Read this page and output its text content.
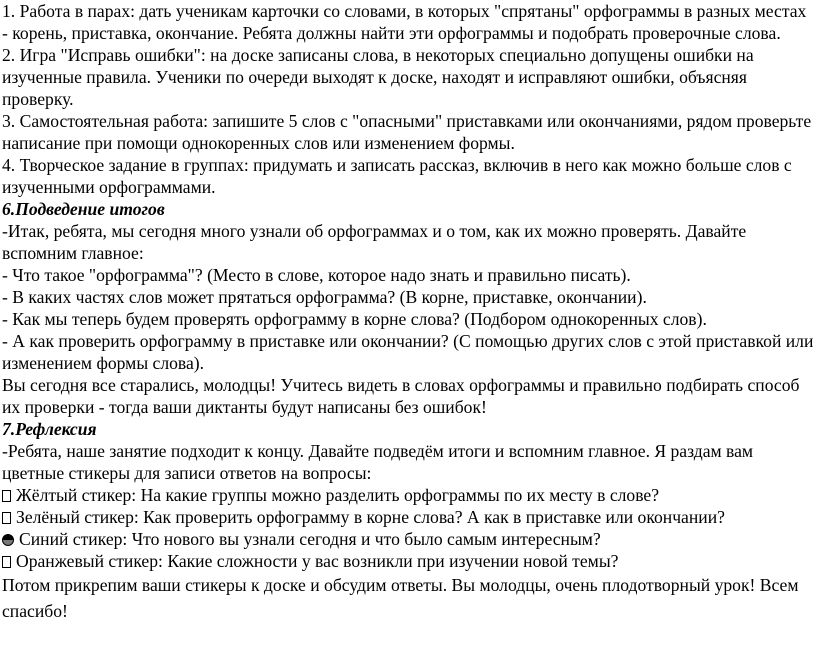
1. Работа в парах: дать ученикам карточки со словами, в которых "спрятаны" орфограммы в разных местах - корень, приставка, окончание. Ребята должны найти эти орфограммы и подобрать проверочные слова.

2. Игра "Исправь ошибки": на доске записаны слова, в некоторых специально допущены ошибки на изученные правила. Ученики по очереди выходят к доске, находят и исправляют ошибки, объясняя проверку.

3. Самостоятельная работа: запишите 5 слов с "опасными" приставками или окончаниями, рядом проверьте написание при помощи однокоренных слов или изменением формы.

4. Творческое задание в группах: придумать и записать рассказ, включив в него как можно больше слов с изученными орфограммами.

6.Подведение итогов

-Итак, ребята, мы сегодня много узнали об орфограммах и о том, как их можно проверять. Давайте вспомним главное:

- Что такое "орфограмма"? (Место в слове, которое надо знать и правильно писать).

- В каких частях слов может прятаться орфограмма? (В корне, приставке, окончании).

- Как мы теперь будем проверять орфограмму в корне слова? (Подбором однокоренных слов).

- А как проверить орфограмму в приставке или окончании? (С помощью других слов с этой приставкой или изменением формы слова).

Вы сегодня все старались, молодцы! Учитесь видеть в словах орфограммы и правильно подбирать способ их проверки - тогда ваши диктанты будут написаны без ошибок!

7.Рефлексия

-Ребята, наше занятие подходит к концу. Давайте подведём итоги и вспомним главное. Я раздам вам цветные стикеры для записи ответов на вопросы:

Жёлтый стикер: На какие группы можно разделить орфограммы по их месту в слове?

Зелёный стикер: Как проверить орфограмму в корне слова? А как в приставке или окончании?

Синий стикер: Что нового вы узнали сегодня и что было самым интересным?

Оранжевый стикер: Какие сложности у вас возникли при изучении новой темы?

Потом прикрепим ваши стикеры к доске и обсудим ответы. Вы молодцы, очень плодотворный урок! Всем спасибо!
